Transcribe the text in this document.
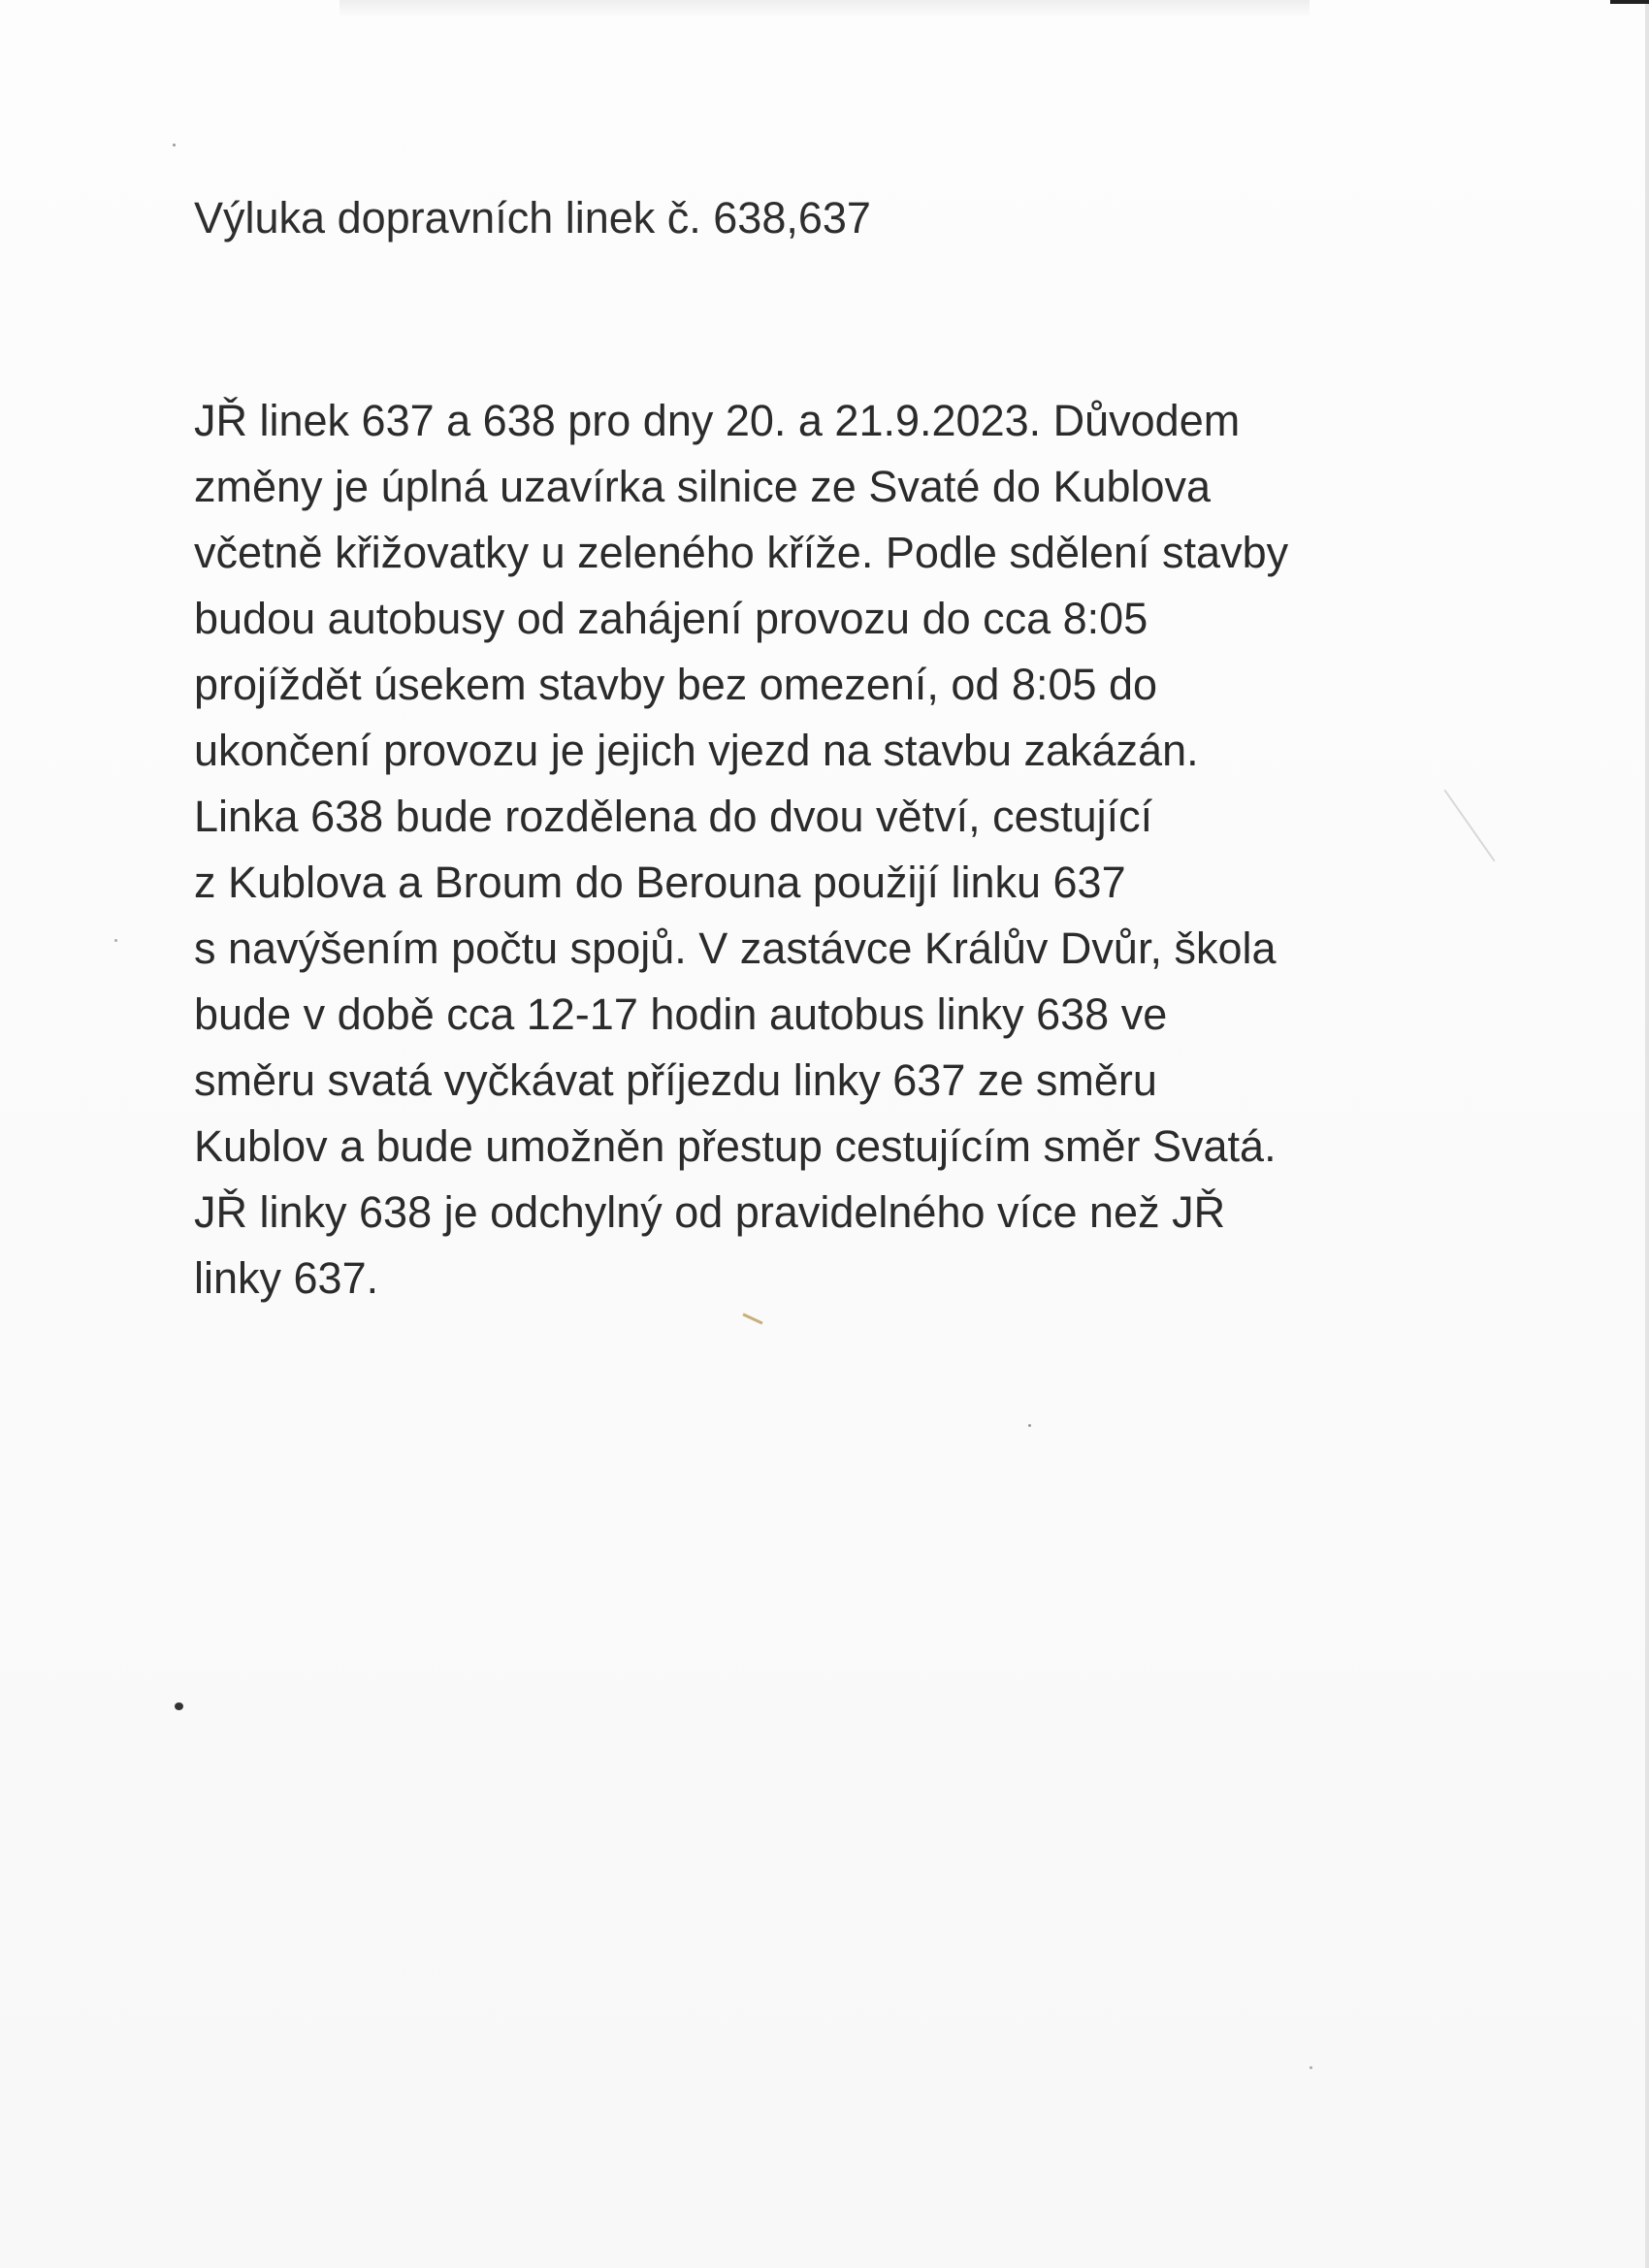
Výluka dopravních linek č. 638,637
JŘ linek 637 a 638 pro dny 20. a 21.9.2023. Důvodem
změny je úplná uzavírka silnice ze Svaté do Kublova
včetně křižovatky u zeleného kříže. Podle sdělení stavby
budou autobusy od zahájení provozu do cca 8:05
projíždět úsekem stavby bez omezení, od 8:05 do
ukončení provozu je jejich vjezd na stavbu zakázán.
Linka 638 bude rozdělena do dvou větví, cestující
z Kublova a Broum do Berouna použijí linku 637
s navýšením počtu spojů. V zastávce Králův Dvůr, škola
bude v době cca 12-17 hodin autobus linky 638 ve
směru svatá vyčkávat příjezdu linky 637 ze směru
Kublov a bude umožněn přestup cestujícím směr Svatá.
JŘ linky 638 je odchylný od pravidelného více než JŘ
linky 637.
